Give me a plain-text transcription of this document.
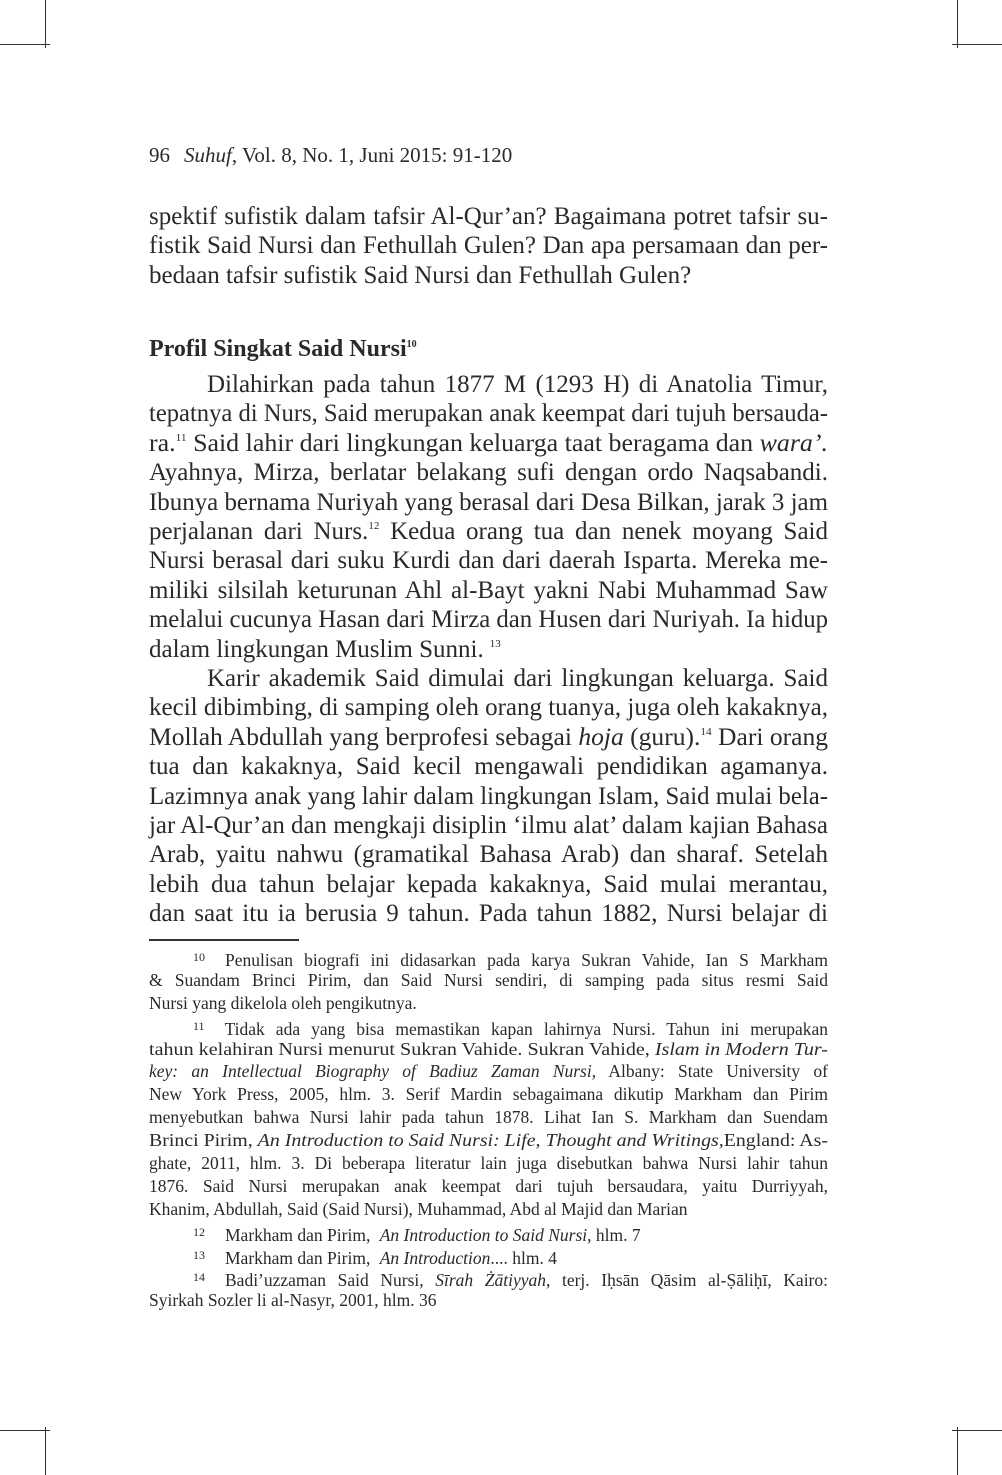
96 Suhuf, Vol. 8, No. 1, Juni 2015: 91-120
spektif sufistik dalam tafsir Al-Qur’an? Bagaimana potret tafsir su-
fistik Said Nursi dan Fethullah Gulen? Dan apa persamaan dan per-
bedaan tafsir sufistik Said Nursi dan Fethullah Gulen?
Profil Singkat Said Nursi$^{10}$
Dilahirkan pada tahun 1877 M (1293 H) di Anatolia Timur,
tepatnya di Nurs, Said merupakan anak keempat dari tujuh bersauda-
ra.$^{11}$ Said lahir dari lingkungan keluarga taat beragama dan wara’.
Ayahnya, Mirza, berlatar belakang sufi dengan ordo Naqsabandi.
Ibunya bernama Nuriyah yang berasal dari Desa Bilkan, jarak 3 jam
perjalanan dari Nurs.$^{12}$ Kedua orang tua dan nenek moyang Said
Nursi berasal dari suku Kurdi dan dari daerah Isparta. Mereka me-
miliki silsilah keturunan Ahl al-Bayt yakni Nabi Muhammad Saw
melalui cucunya Hasan dari Mirza dan Husen dari Nuriyah. Ia hidup
dalam lingkungan Muslim Sunni. $^{13}$
Karir akademik Said dimulai dari lingkungan keluarga. Said
kecil dibimbing, di samping oleh orang tuanya, juga oleh kakaknya,
Mollah Abdullah yang berprofesi sebagai hoja (guru).$^{14}$ Dari orang
tua dan kakaknya, Said kecil mengawali pendidikan agamanya.
Lazimnya anak yang lahir dalam lingkungan Islam, Said mulai bela-
jar Al-Qur’an dan mengkaji disiplin ‘ilmu alat’ dalam kajian Bahasa
Arab, yaitu nahwu (gramatikal Bahasa Arab) dan sharaf. Setelah
lebih dua tahun belajar kepada kakaknya, Said mulai merantau,
dan saat itu ia berusia 9 tahun. Pada tahun 1882, Nursi belajar di
$^{10}$ Penulisan biografi ini didasarkan pada karya Sukran Vahide, Ian S Markham
& Suandam Brinci Pirim, dan Said Nursi sendiri, di samping pada situs resmi Said
Nursi yang dikelola oleh pengikutnya.
$^{11}$ Tidak ada yang bisa memastikan kapan lahirnya Nursi. Tahun ini merupakan
tahun kelahiran Nursi menurut Sukran Vahide. Sukran Vahide, Islam in Modern Tur-
key: an Intellectual Biography of Badiuz Zaman Nursi, Albany: State University of
New York Press, 2005, hlm. 3. Serif Mardin sebagaimana dikutip Markham dan Pirim
menyebutkan bahwa Nursi lahir pada tahun 1878. Lihat Ian S. Markham dan Suendam
Brinci Pirim, An Introduction to Said Nursi: Life, Thought and Writings,England: As-
ghate, 2011, hlm. 3. Di beberapa literatur lain juga disebutkan bahwa Nursi lahir tahun
1876. Said Nursi merupakan anak keempat dari tujuh bersaudara, yaitu Durriyyah,
Khanim, Abdullah, Said (Said Nursi), Muhammad, Abd al Majid dan Marian
$^{12}$ Markham dan Pirim, An Introduction to Said Nursi, hlm. 7
$^{13}$ Markham dan Pirim, An Introduction.... hlm. 4
$^{14}$ Badi’uzzaman Said Nursi, Sīrah Żātiyyah, terj. Iḥsān Qāsim al-Ṣāliḥī, Kairo:
Syirkah Sozler li al-Nasyr, 2001, hlm. 36
